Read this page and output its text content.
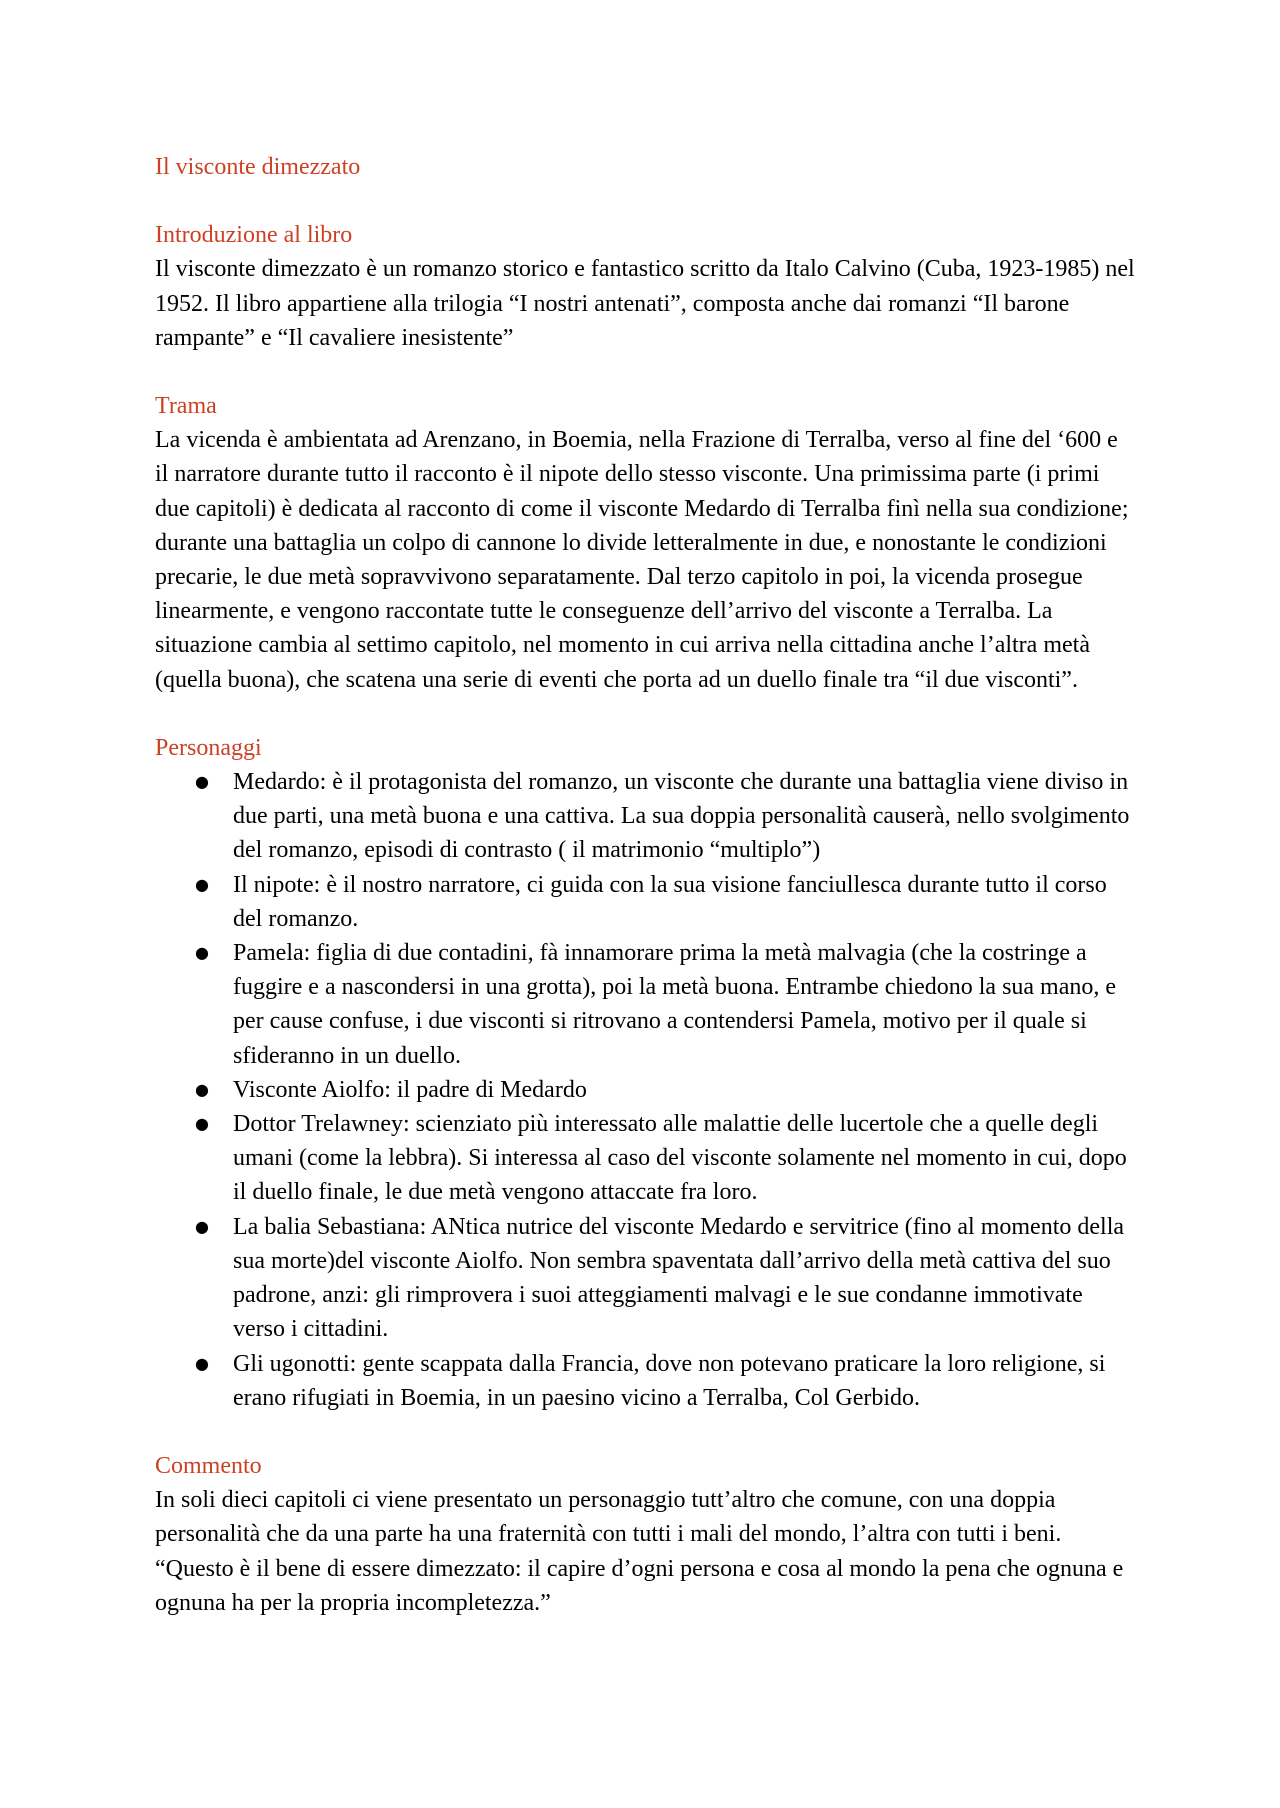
Il visconte dimezzato

Introduzione al libro

Il visconte dimezzato è un romanzo storico e fantastico scritto da Italo Calvino (Cuba, 1923-1985) nel 1952. Il libro appartiene alla trilogia “I nostri antenati”, composta anche dai romanzi “Il barone rampante” e “Il cavaliere inesistente”

Trama

La vicenda è ambientata ad Arenzano, in Boemia, nella Frazione di Terralba, verso al fine del ‘600 e il narratore durante tutto il racconto è il nipote dello stesso visconte. Una primissima parte (i primi due capitoli) è dedicata al racconto di come il visconte Medardo di Terralba finì nella sua condizione; durante una battaglia un colpo di cannone lo divide letteralmente in due, e nonostante le condizioni precarie, le due metà sopravvivono separatamente. Dal terzo capitolo in poi, la vicenda prosegue linearmente, e vengono raccontate tutte le conseguenze dell’arrivo del visconte a Terralba. La situazione cambia al settimo capitolo, nel momento in cui arriva nella cittadina anche l’altra metà (quella buona), che scatena una serie di eventi che porta ad un duello finale tra “il due visconti”.

Personaggi

● Medardo: è il protagonista del romanzo, un visconte che durante una battaglia viene diviso in due parti, una metà buona e una cattiva. La sua doppia personalità causerà, nello svolgimento del romanzo, episodi di contrasto ( il matrimonio “multiplo”)
● Il nipote: è il nostro narratore, ci guida con la sua visione fanciullesca durante tutto il corso del romanzo.
● Pamela: figlia di due contadini, fà innamorare prima la metà malvagia (che la costringe a fuggire e a nascondersi in una grotta), poi la metà buona. Entrambe chiedono la sua mano, e per cause confuse, i due visconti si ritrovano a contendersi Pamela, motivo per il quale si sfideranno in un duello.
● Visconte Aiolfo: il padre di Medardo
● Dottor Trelawney: scienziato più interessato alle malattie delle lucertole che a quelle degli umani (come la lebbra). Si interessa al caso del visconte solamente nel momento in cui, dopo il duello finale, le due metà vengono attaccate fra loro.
● La balia Sebastiana: ANtica nutrice del visconte Medardo e servitrice (fino al momento della sua morte)del visconte Aiolfo. Non sembra spaventata dall’arrivo della metà cattiva del suo padrone, anzi: gli rimprovera i suoi atteggiamenti malvagi e le sue condanne immotivate verso i cittadini.
● Gli ugonotti: gente scappata dalla Francia, dove non potevano praticare la loro religione, si erano rifugiati in Boemia, in un paesino vicino a Terralba, Col Gerbido.

Commento

In soli dieci capitoli ci viene presentato un personaggio tutt’altro che comune, con una doppia personalità che da una parte ha una fraternità con tutti i mali del mondo, l’altra con tutti i beni. “Questo è il bene di essere dimezzato: il capire d’ogni persona e cosa al mondo la pena che ognuna e ognuna ha per la propria incompletezza.”
